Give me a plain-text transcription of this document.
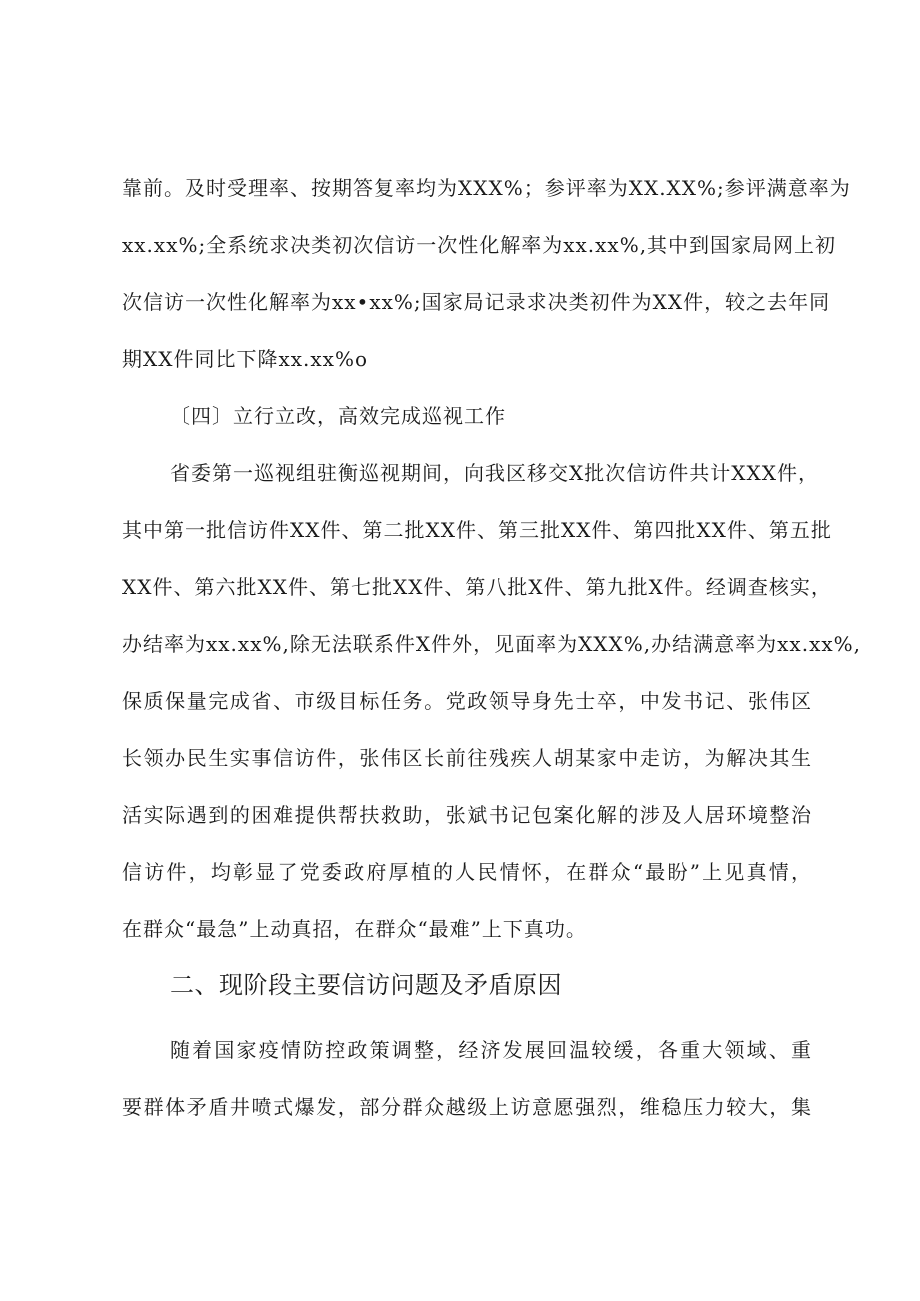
靠前。及时受理率、按期答复率均为XXX%；参评率为XX.XX%;参评满意率为
xx.xx%;全系统求决类初次信访一次性化解率为xx.xx%,其中到国家局网上初
次信访一次性化解率为xx•xx%;国家局记录求决类初件为XX件，较之去年同
期XX件同比下降xx.xx%o
〔四〕立行立改，高效完成巡视工作
省委第一巡视组驻衡巡视期间，向我区移交X批次信访件共计XXX件，
其中第一批信访件XX件、第二批XX件、第三批XX件、第四批XX件、第五批
XX件、第六批XX件、第七批XX件、第八批X件、第九批X件。经调查核实，
办结率为xx.xx%,除无法联系件X件外，见面率为XXX%,办结满意率为xx.xx%,
保质保量完成省、市级目标任务。党政领导身先士卒，中发书记、张伟区
长领办民生实事信访件，张伟区长前往残疾人胡某家中走访，为解决其生
活实际遇到的困难提供帮扶救助，张斌书记包案化解的涉及人居环境整治
信访件，均彰显了党委政府厚植的人民情怀，在群众“最盼”上见真情，
在群众“最急”上动真招，在群众“最难”上下真功。
二、现阶段主要信访问题及矛盾原因
随着国家疫情防控政策调整，经济发展回温较缓，各重大领域、重
要群体矛盾井喷式爆发，部分群众越级上访意愿强烈，维稳压力较大，集
